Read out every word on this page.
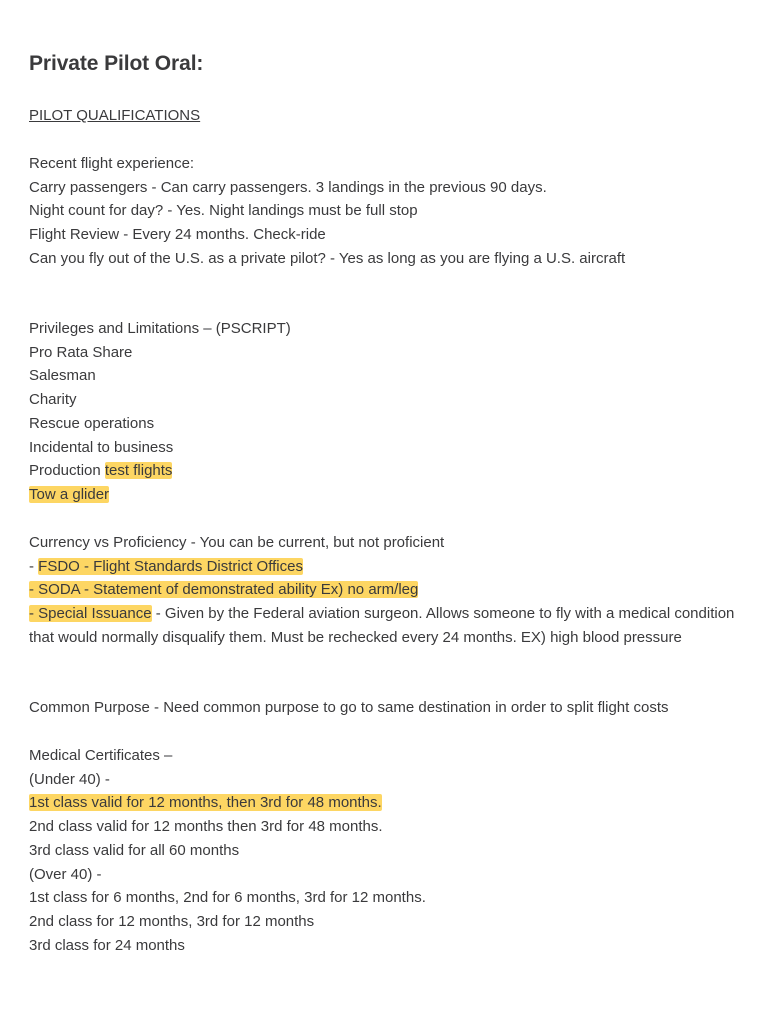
Private Pilot Oral:
PILOT QUALIFICATIONS
Recent flight experience:
Carry passengers - Can carry passengers. 3 landings in the previous 90 days.
Night count for day? - Yes. Night landings must be full stop
Flight Review - Every 24 months. Check-ride
Can you fly out of the U.S. as a private pilot? - Yes as long as you are flying a U.S. aircraft
Privileges and Limitations – (PSCRIPT)
Pro Rata Share
Salesman
Charity
Rescue operations
Incidental to business
Production test flights
Tow a glider
Currency vs Proficiency - You can be current, but not proficient
- FSDO - Flight Standards District Offices
- SODA - Statement of demonstrated ability Ex) no arm/leg
- Special Issuance - Given by the Federal aviation surgeon. Allows someone to fly with a medical condition that would normally disqualify them. Must be rechecked every 24 months. EX) high blood pressure
Common Purpose - Need common purpose to go to same destination in order to split flight costs
Medical Certificates –
(Under 40) -
1st class valid for 12 months, then 3rd for 48 months.
2nd class valid for 12 months then 3rd for 48 months.
3rd class valid for all 60 months
(Over 40) -
1st class for 6 months, 2nd for 6 months, 3rd for 12 months.
2nd class for 12 months, 3rd for 12 months
3rd class for 24 months
